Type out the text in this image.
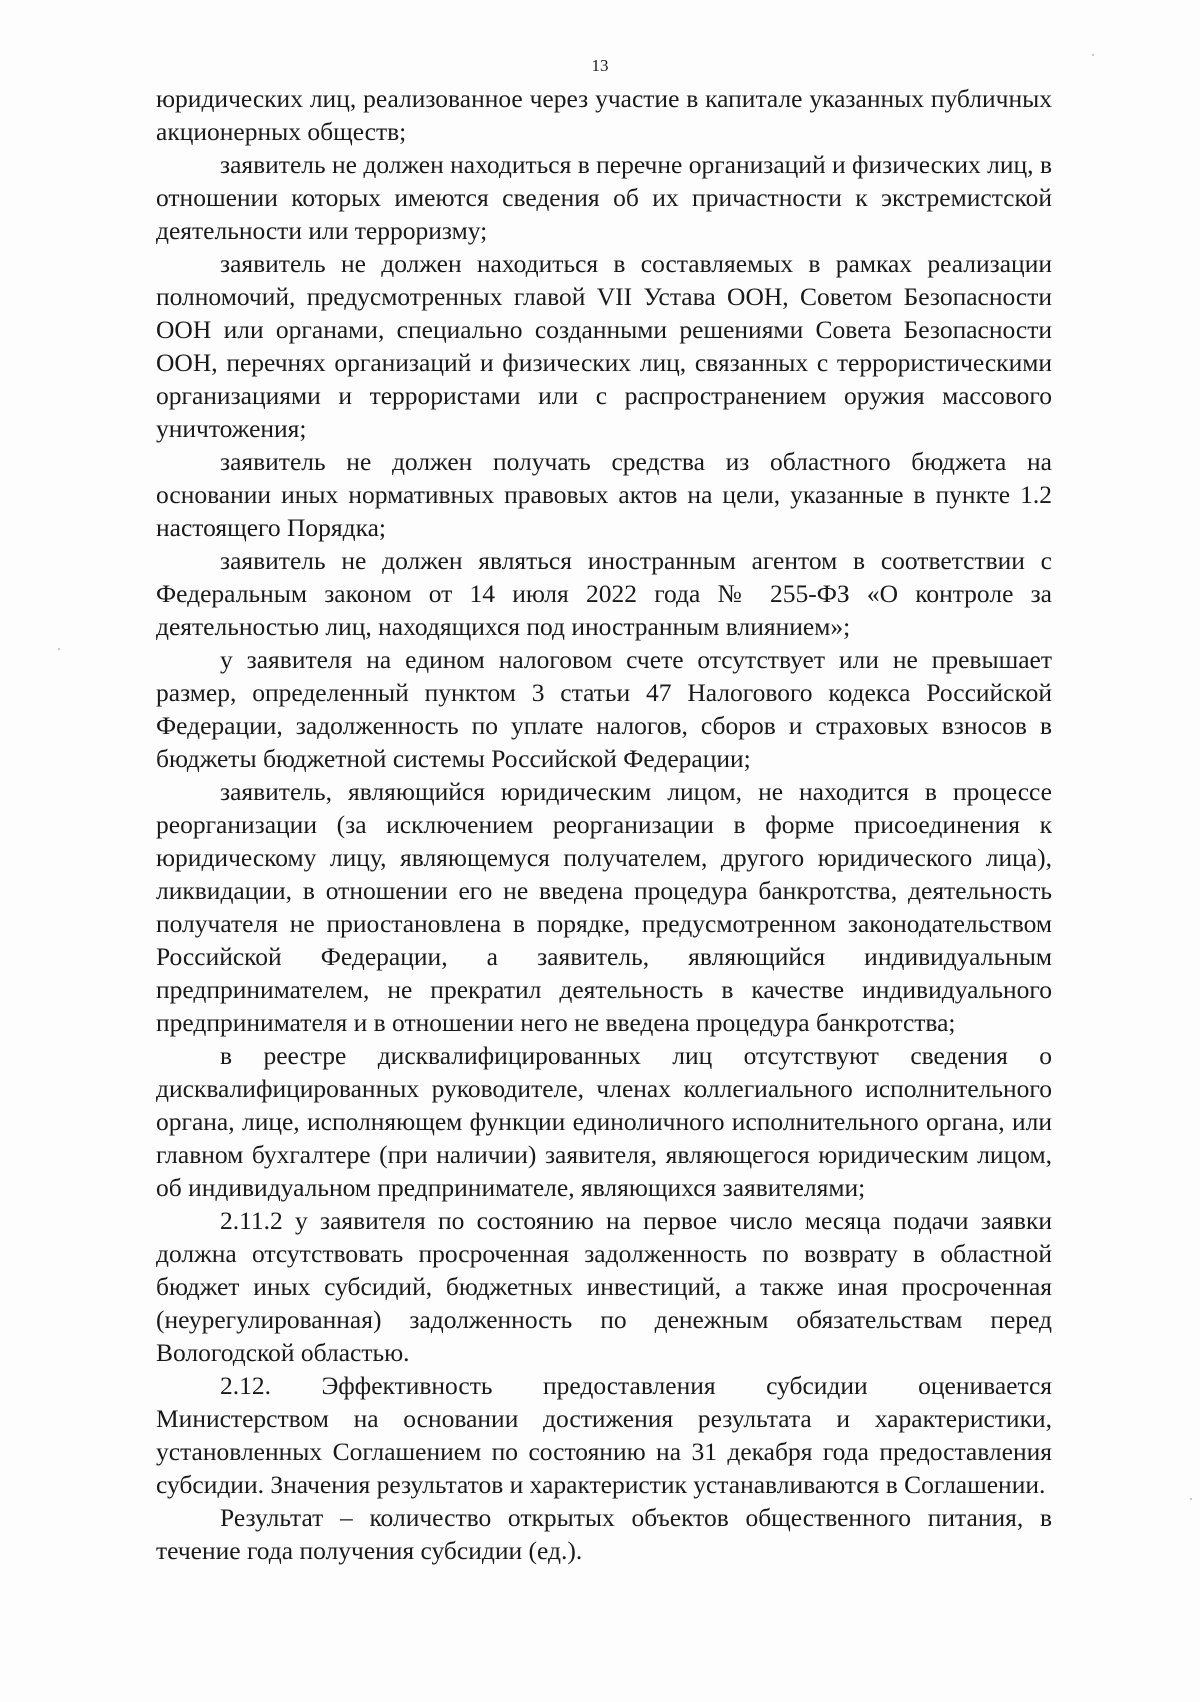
13

юридических лиц, реализованное через участие в капитале указанных публичных акционерных обществ;

заявитель не должен находиться в перечне организаций и физических лиц, в отношении которых имеются сведения об их причастности к экстремистской деятельности или терроризму;

заявитель не должен находиться в составляемых в рамках реализации полномочий, предусмотренных главой VII Устава ООН, Советом Безопасности ООН или органами, специально созданными решениями Совета Безопасности ООН, перечнях организаций и физических лиц, связанных с террористическими организациями и террористами или с распространением оружия массового уничтожения;

заявитель не должен получать средства из областного бюджета на основании иных нормативных правовых актов на цели, указанные в пункте 1.2 настоящего Порядка;

заявитель не должен являться иностранным агентом в соответствии с Федеральным законом от 14 июля 2022 года № 255-ФЗ «О контроле за деятельностью лиц, находящихся под иностранным влиянием»;

у заявителя на едином налоговом счете отсутствует или не превышает размер, определенный пунктом 3 статьи 47 Налогового кодекса Российской Федерации, задолженность по уплате налогов, сборов и страховых взносов в бюджеты бюджетной системы Российской Федерации;

заявитель, являющийся юридическим лицом, не находится в процессе реорганизации (за исключением реорганизации в форме присоединения к юридическому лицу, являющемуся получателем, другого юридического лица), ликвидации, в отношении его не введена процедура банкротства, деятельность получателя не приостановлена в порядке, предусмотренном законодательством Российской Федерации, а заявитель, являющийся индивидуальным предпринимателем, не прекратил деятельность в качестве индивидуального предпринимателя и в отношении него не введена процедура банкротства;

в реестре дисквалифицированных лиц отсутствуют сведения о дисквалифицированных руководителе, членах коллегиального исполнительного органа, лице, исполняющем функции единоличного исполнительного органа, или главном бухгалтере (при наличии) заявителя, являющегося юридическим лицом, об индивидуальном предпринимателе, являющихся заявителями;

2.11.2 у заявителя по состоянию на первое число месяца подачи заявки должна отсутствовать просроченная задолженность по возврату в областной бюджет иных субсидий, бюджетных инвестиций, а также иная просроченная (неурегулированная) задолженность по денежным обязательствам перед Вологодской областью.

2.12. Эффективность предоставления субсидии оценивается Министерством на основании достижения результата и характеристики, установленных Соглашением по состоянию на 31 декабря года предоставления субсидии. Значения результатов и характеристик устанавливаются в Соглашении.

Результат – количество открытых объектов общественного питания, в течение года получения субсидии (ед.).
